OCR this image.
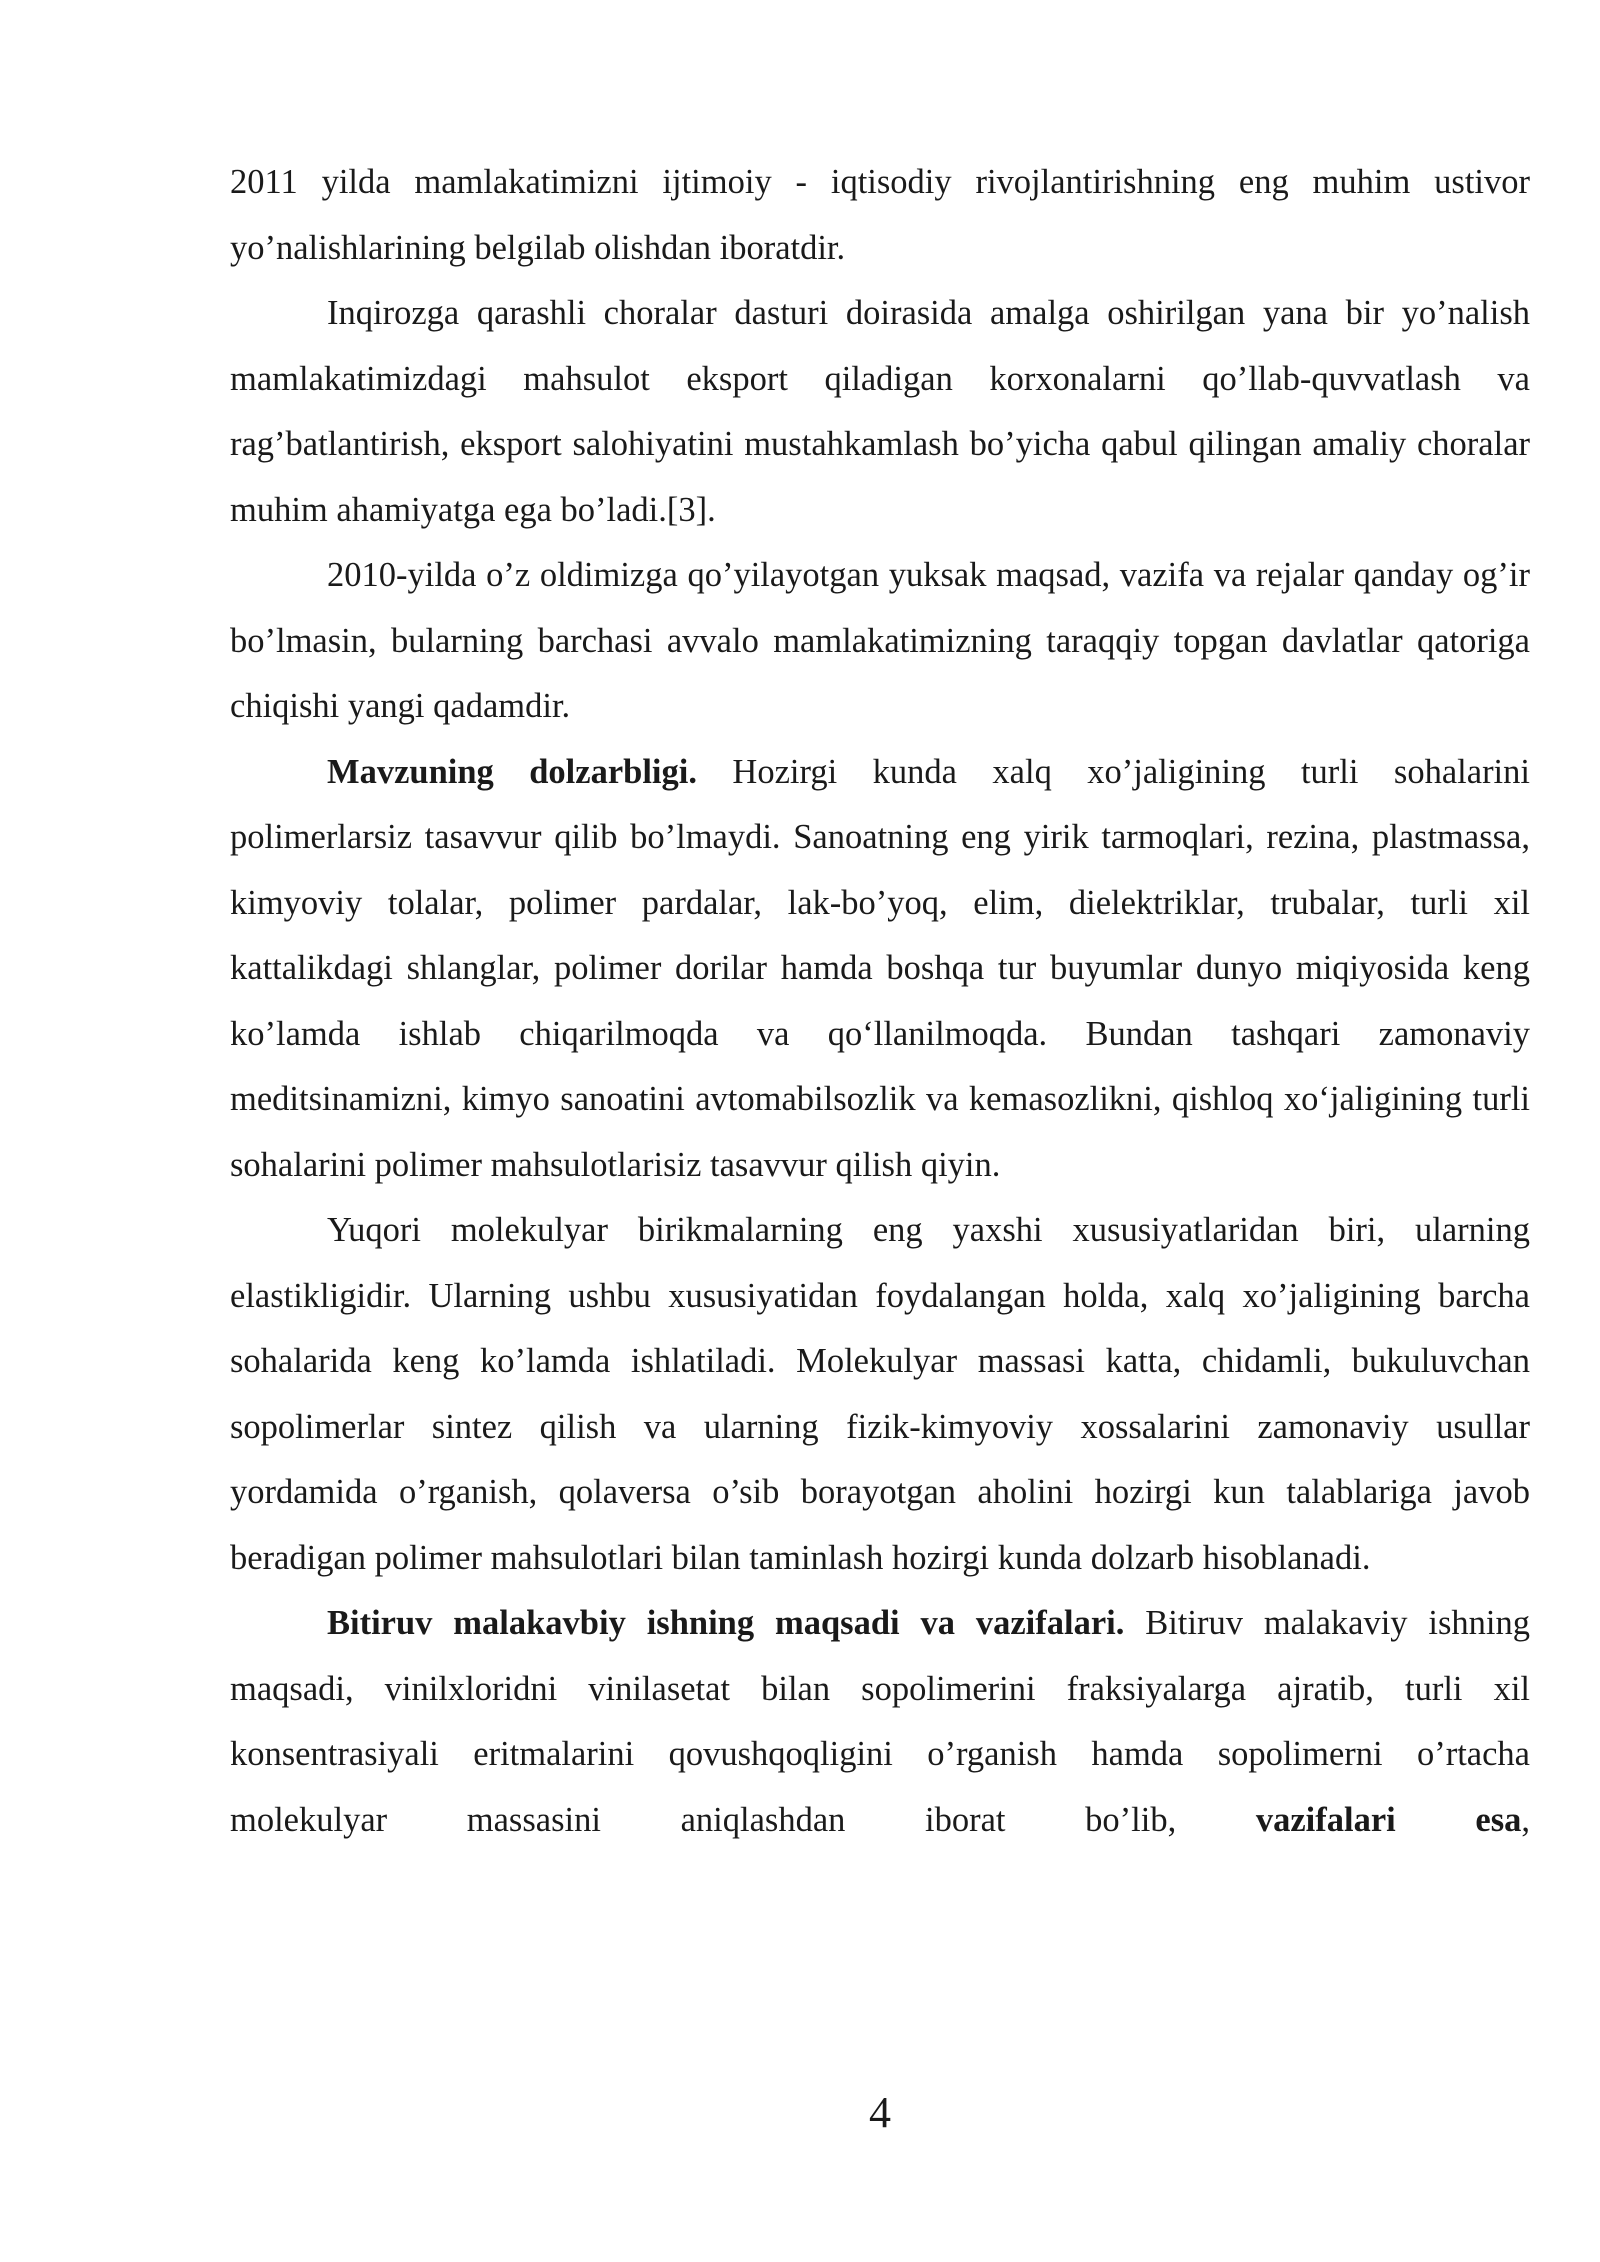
2011 yilda mamlakatimizni ijtimoiy - iqtisodiy rivojlantirishning eng muhim ustivor yo’nalishlarining belgilab olishdan iboratdir.

Inqirozga qarashli choralar dasturi doirasida amalga oshirilgan yana bir yo’nalish mamlakatimizdagi mahsulot eksport qiladigan korxonalarni qo’llab-quvvatlash va rag’batlantirish, eksport salohiyatini mustahkamlash bo’yicha qabul qilingan amaliy choralar muhim ahamiyatga ega bo’ladi.[3].

2010-yilda o’z oldimizga qo’yilayotgan yuksak maqsad, vazifa va rejalar qanday og’ir bo’lmasin, bularning barchasi avvalo mamlakatimizning taraqqiy topgan davlatlar qatoriga chiqishi yangi qadamdir.

Mavzuning dolzarbligi. Hozirgi kunda xalq xo’jaligining turli sohalarini polimerlarsiz tasavvur qilib bo’lmaydi. Sanoatning eng yirik tarmoqlari, rezina, plastmassa, kimyoviy tolalar, polimer pardalar, lak-bo’yoq, elim, dielektriklar, trubalar, turli xil kattalikdagi shlanglar, polimer dorilar hamda boshqa tur buyumlar dunyo miqiyosida keng ko’lamda ishlab chiqarilmoqda va qo‘llanilmoqda. Bundan tashqari zamonaviy meditsinamizni, kimyo sanoatini avtomabilsozlik va kemasozlikni, qishloq xo‘jaligining turli sohalarini polimer mahsulotlarisiz tasavvur qilish qiyin.

Yuqori molekulyar birikmalarning eng yaxshi xususiyatlaridan biri, ularning elastikligidir. Ularning ushbu xususiyatidan foydalangan holda, xalq xo’jaligining barcha sohalarida keng ko’lamda ishlatiladi. Molekulyar massasi katta, chidamli, bukuluvchan sopolimerlar sintez qilish va ularning fizik-kimyoviy xossalarini zamonaviy usullar yordamida o’rganish, qolaversa o’sib borayotgan aholini hozirgi kun talablariga javob beradigan polimer mahsulotlari bilan taminlash hozirgi kunda dolzarb hisoblanadi.

Bitiruv malakavbiy ishning maqsadi va vazifalari. Bitiruv malakaviy ishning maqsadi, vinilxloridni vinilasetat bilan sopolimerini fraksiyalarga ajratib, turli xil konsentrasiyali eritmalarini qovushqoqligini o’rganish hamda sopolimerni o’rtacha molekulyar massasini aniqlashdan iborat bo’lib, vazifalari esa,

4
